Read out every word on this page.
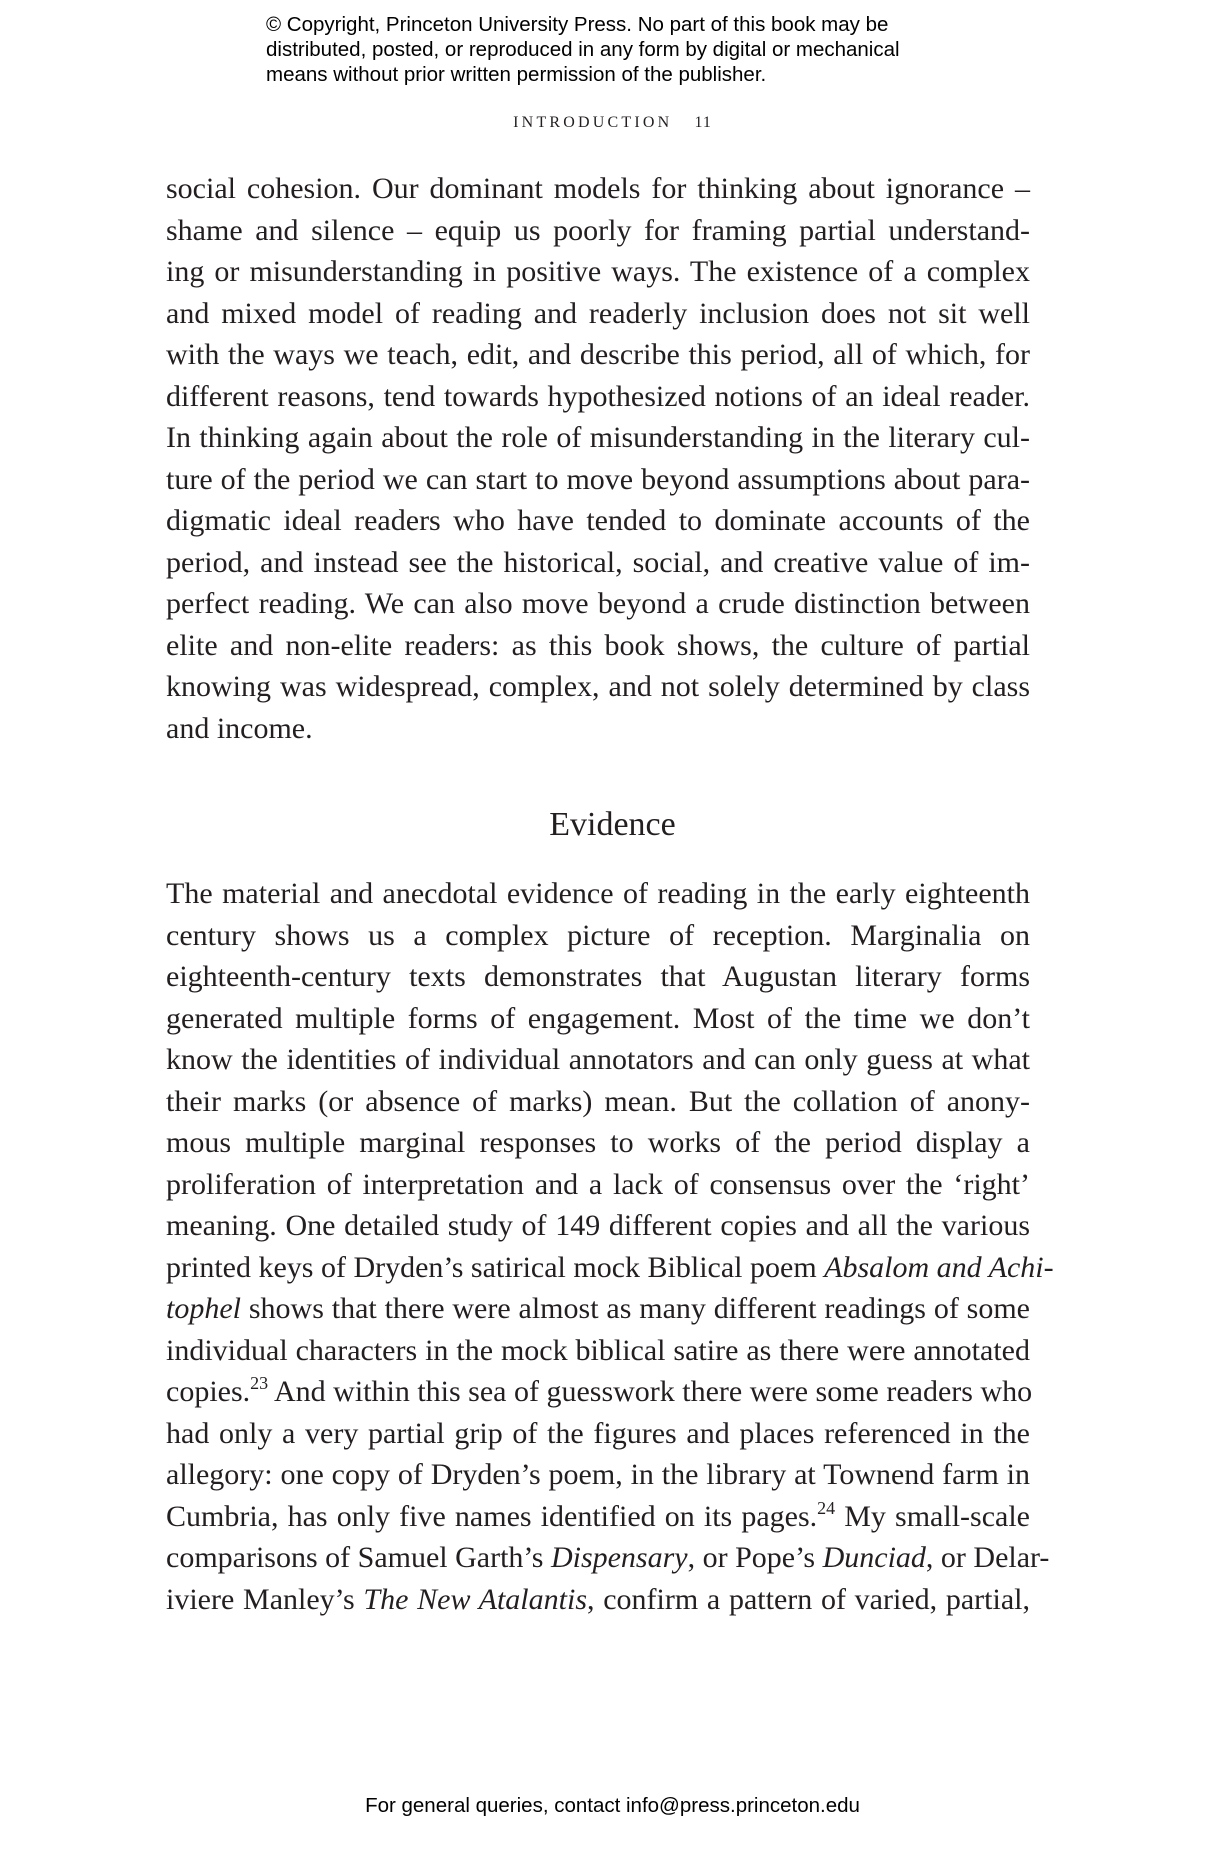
© Copyright, Princeton University Press. No part of this book may be
distributed, posted, or reproduced in any form by digital or mechanical
means without prior written permission of the publisher.
INTRODUCTION 11
social cohesion. Our dominant models for thinking about ignorance –
shame and silence – equip us poorly for framing partial understand-
ing or misunderstanding in positive ways. The existence of a complex
and mixed model of reading and readerly inclusion does not sit well
with the ways we teach, edit, and describe this period, all of which, for
different reasons, tend towards hypothesized notions of an ideal reader.
In thinking again about the role of misunderstanding in the literary cul-
ture of the period we can start to move beyond assumptions about para-
digmatic ideal readers who have tended to dominate accounts of the
period, and instead see the historical, social, and creative value of im-
perfect reading. We can also move beyond a crude distinction between
elite and non-elite readers: as this book shows, the culture of partial
knowing was widespread, complex, and not solely determined by class
and income.
Evidence
The material and anecdotal evidence of reading in the early eighteenth
century shows us a complex picture of reception. Marginalia on
eighteenth-century texts demonstrates that Augustan literary forms
generated multiple forms of engagement. Most of the time we don’t
know the identities of individual annotators and can only guess at what
their marks (or absence of marks) mean. But the collation of anony-
mous multiple marginal responses to works of the period display a
proliferation of interpretation and a lack of consensus over the ‘right’
meaning. One detailed study of 149 different copies and all the various
printed keys of Dryden’s satirical mock Biblical poem Absalom and Achi-
tophel shows that there were almost as many different readings of some
individual characters in the mock biblical satire as there were annotated
copies.$^{23}$ And within this sea of guesswork there were some readers who
had only a very partial grip of the figures and places referenced in the
allegory: one copy of Dryden’s poem, in the library at Townend farm in
Cumbria, has only five names identified on its pages.$^{24}$ My small-scale
comparisons of Samuel Garth’s Dispensary, or Pope’s Dunciad, or Delar-
iviere Manley’s The New Atalantis, confirm a pattern of varied, partial,
For general queries, contact info@press.princeton.edu
